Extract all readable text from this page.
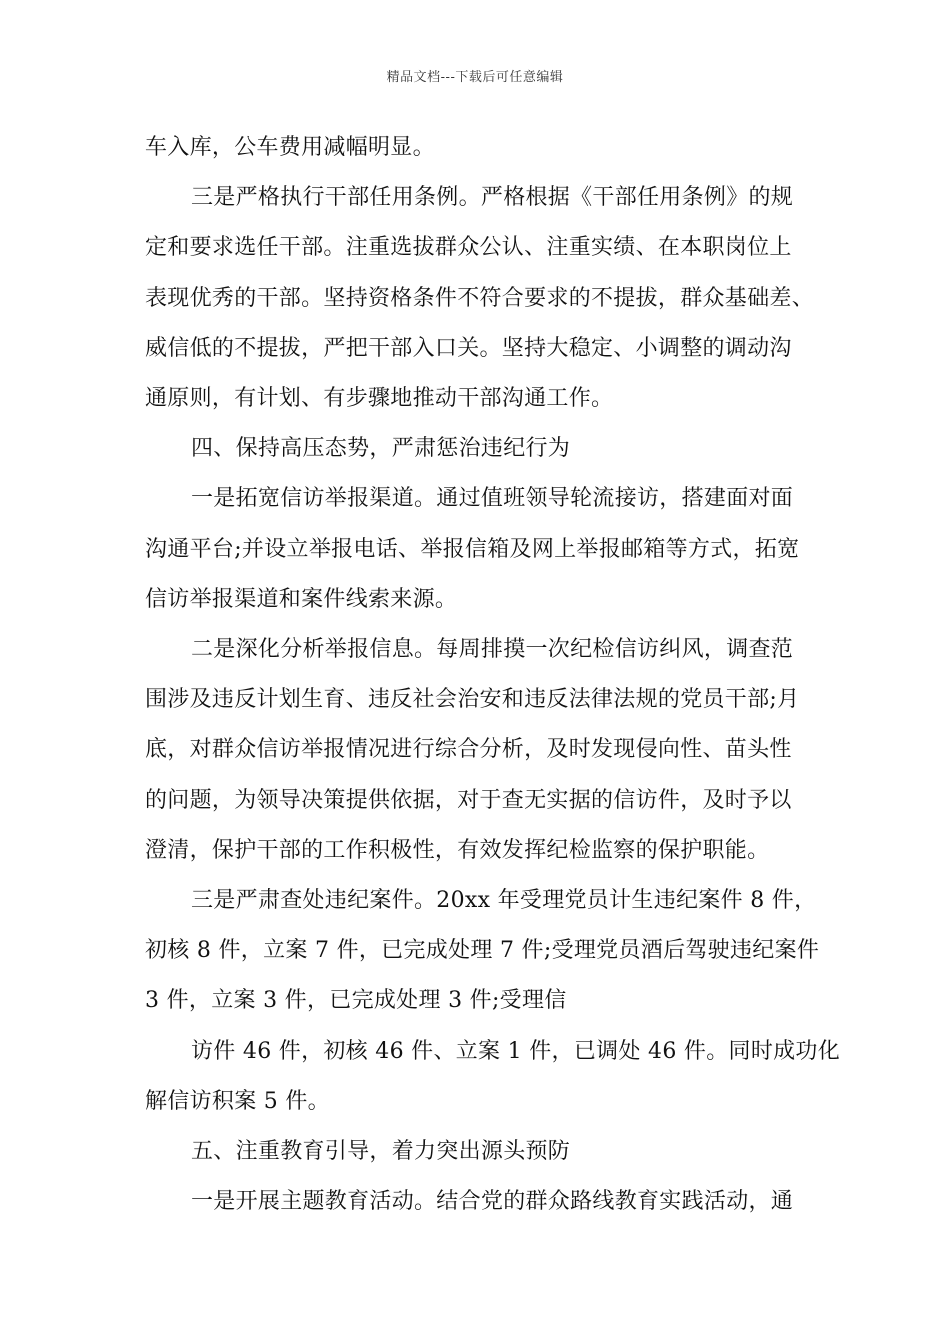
精品文档---下载后可任意编辑
车入库，公车费用减幅明显。
三是严格执行干部任用条例。严格根据《干部任用条例》的规
定和要求选任干部。注重选拔群众公认、注重实绩、在本职岗位上
表现优秀的干部。坚持资格条件不符合要求的不提拔，群众基础差、
威信低的不提拔，严把干部入口关。坚持大稳定、小调整的调动沟
通原则，有计划、有步骤地推动干部沟通工作。
四、保持高压态势，严肃惩治违纪行为
一是拓宽信访举报渠道。通过值班领导轮流接访，搭建面对面
沟通平台;并设立举报电话、举报信箱及网上举报邮箱等方式，拓宽
信访举报渠道和案件线索来源。
二是深化分析举报信息。每周排摸一次纪检信访纠风，调查范
围涉及违反计划生育、违反社会治安和违反法律法规的党员干部;月
底，对群众信访举报情况进行综合分析，及时发现侵向性、苗头性
的问题，为领导决策提供依据，对于查无实据的信访件，及时予以
澄清，保护干部的工作积极性，有效发挥纪检监察的保护职能。
三是严肃查处违纪案件。20xx 年受理党员计生违纪案件 8 件，
初核 8 件，立案 7 件，已完成处理 7 件;受理党员酒后驾驶违纪案件
3 件，立案 3 件，已完成处理 3 件;受理信
访件 46 件，初核 46 件、立案 1 件，已调处 46 件。同时成功化
解信访积案 5 件。
五、注重教育引导，着力突出源头预防
一是开展主题教育活动。结合党的群众路线教育实践活动，通
